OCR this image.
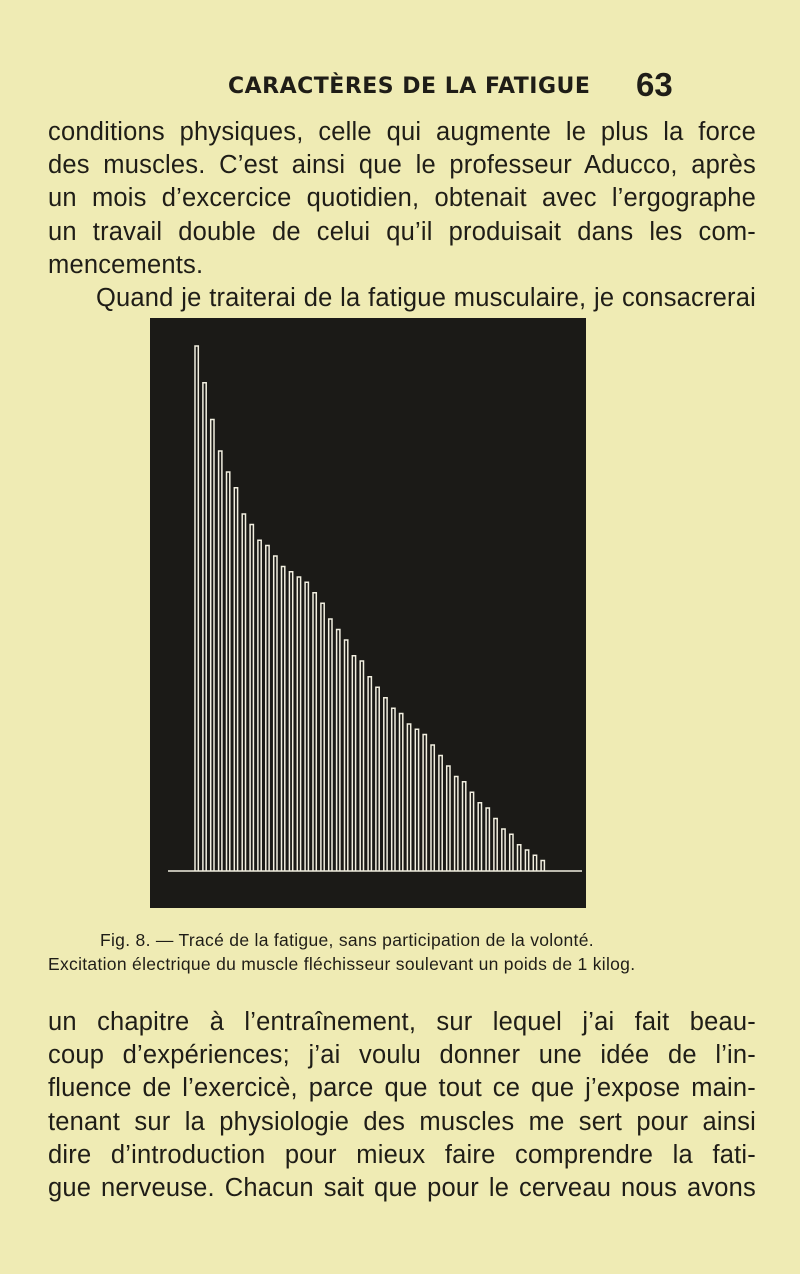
CARACTÈRES DE LA FATIGUE 63
conditions physiques, celle qui augmente le plus la force
des muscles. C’est ainsi que le professeur Aducco, après
un mois d’excercice quotidien, obtenait avec l’ergographe
un travail double de celui qu’il produisait dans les com-
mencements.
Quand je traiterai de la fatigue musculaire, je consacrerai
Fig. 8. — Tracé de la fatigue, sans participation de la volonté.
Excitation électrique du muscle fléchisseur soulevant un poids de 1 kilog.
un chapitre à l’entraînement, sur lequel j’ai fait beau-
coup d’expériences; j’ai voulu donner une idée de l’in-
fluence de l’exercicè, parce que tout ce que j’expose main-
tenant sur la physiologie des muscles me sert pour ainsi
dire d’introduction pour mieux faire comprendre la fati-
gue nerveuse. Chacun sait que pour le cerveau nous avons
